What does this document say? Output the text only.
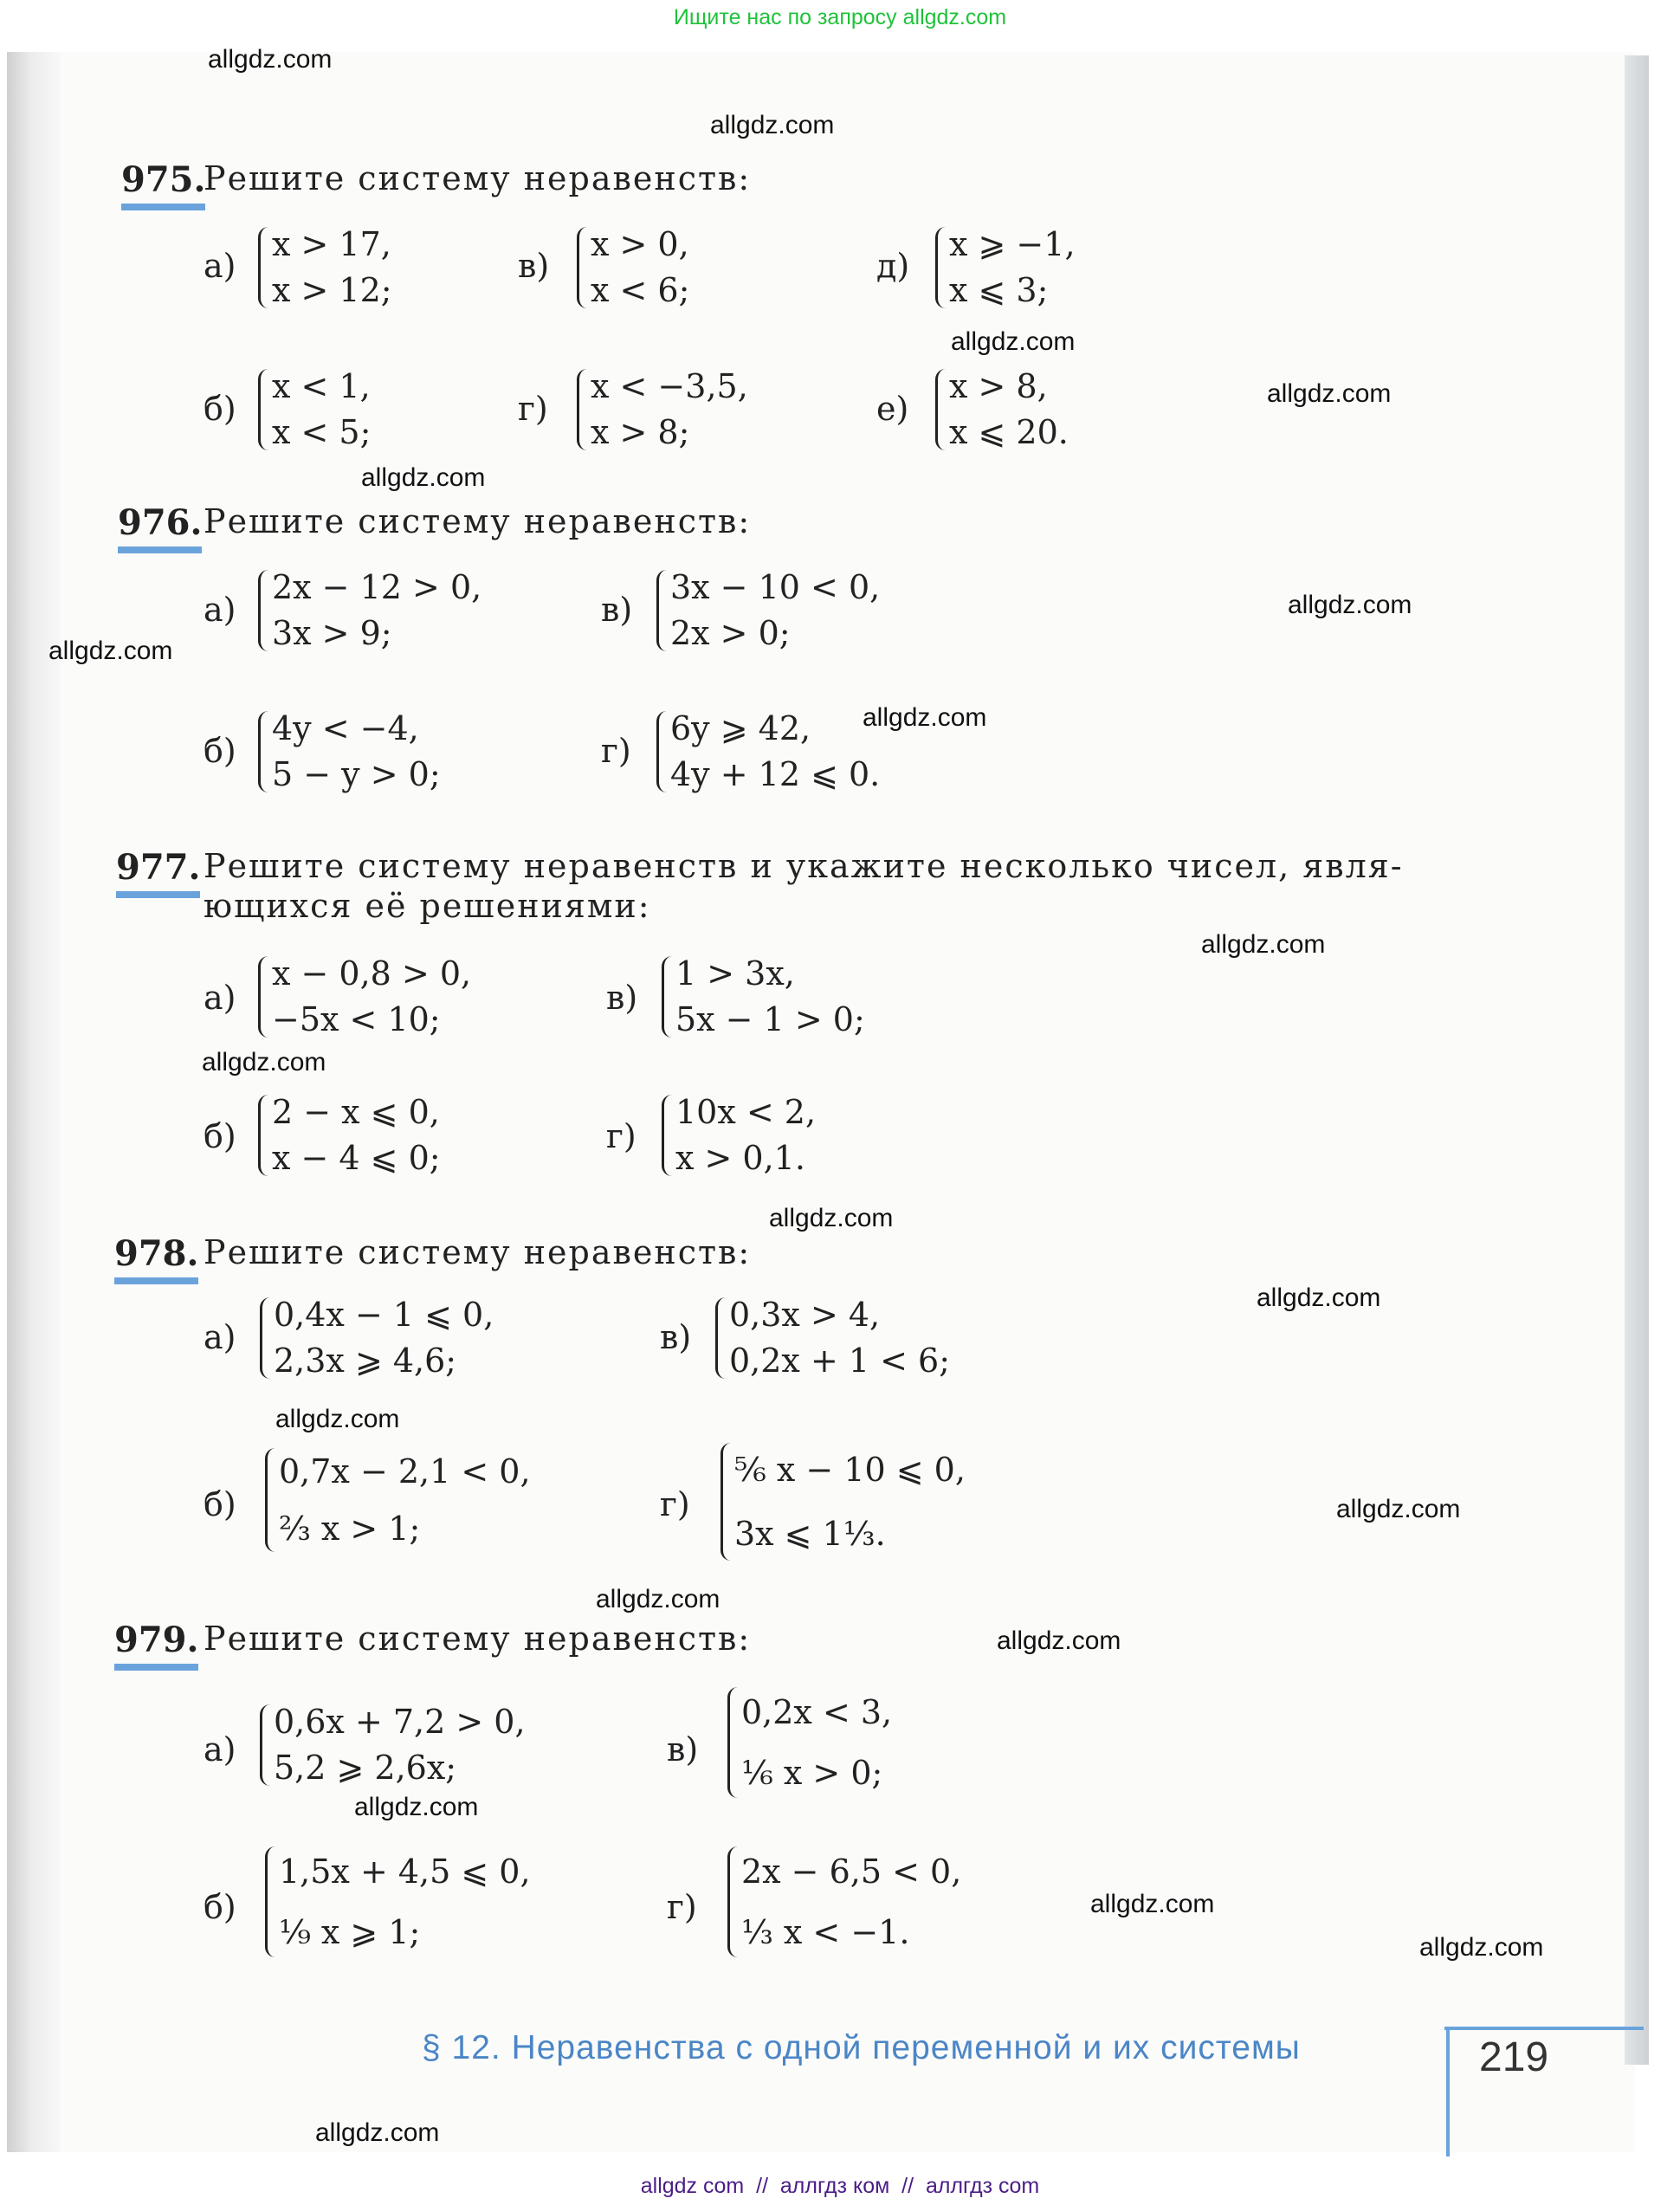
Ищите нас по запросу allgdz.com
allgdz.com
allgdz.com
allgdz.com
allgdz.com
allgdz.com
allgdz.com
allgdz.com
allgdz.com
allgdz.com
allgdz.com
allgdz.com
allgdz.com
allgdz.com
allgdz.com
allgdz.com
allgdz.com
allgdz.com
allgdz.com
allgdz.com
allgdz.com
975.
Решите систему неравенств:
а)
x > 17,
x > 12;
в)
x > 0,
x < 6;
д)
x ⩾ −1,
x ⩽ 3;
б)
x < 1,
x < 5;
г)
x < −3,5,
x > 8;
е)
x > 8,
x ⩽ 20.
976. Решите систему неравенств:
а)
2x − 12 > 0,
3x > 9;
в)
3x − 10 < 0,
2x > 0;
б)
4y < −4,
5 − y > 0;
г)
6y ⩾ 42,
4y + 12 ⩽ 0.
977. Решите систему неравенств и укажите несколько чисел, явля-
ющихся её решениями:
а)
x − 0,8 > 0,
−5x < 10;
в)
1 > 3x,
5x − 1 > 0;
б)
2 − x ⩽ 0,
x − 4 ⩽ 0;
г)
10x < 2,
x > 0,1.
978. Решите систему неравенств:
а)
0,4x − 1 ⩽ 0,
2,3x ⩾ 4,6;
в)
0,3x > 4,
0,2x + 1 < 6;
б)
0,7x − 2,1 < 0,
²⁄₃ x > 1;
г)
⁵⁄₆ x − 10 ⩽ 0,
3x ⩽ 1¹⁄₃.
979. Решите систему неравенств:
а)
0,6x + 7,2 > 0,
5,2 ⩾ 2,6x;	в)
0,2x < 3,
¹⁄₆ x > 0;
б)
1,5x + 4,5 ⩽ 0,
¹⁄₉ x ⩾ 1;
г)
2x − 6,5 < 0,
¹⁄₃ x < −1.
§ 12. Неравенства с одной переменной и их системы	219
allgdz com  //  аллгдз ком  //  аллгдз com
